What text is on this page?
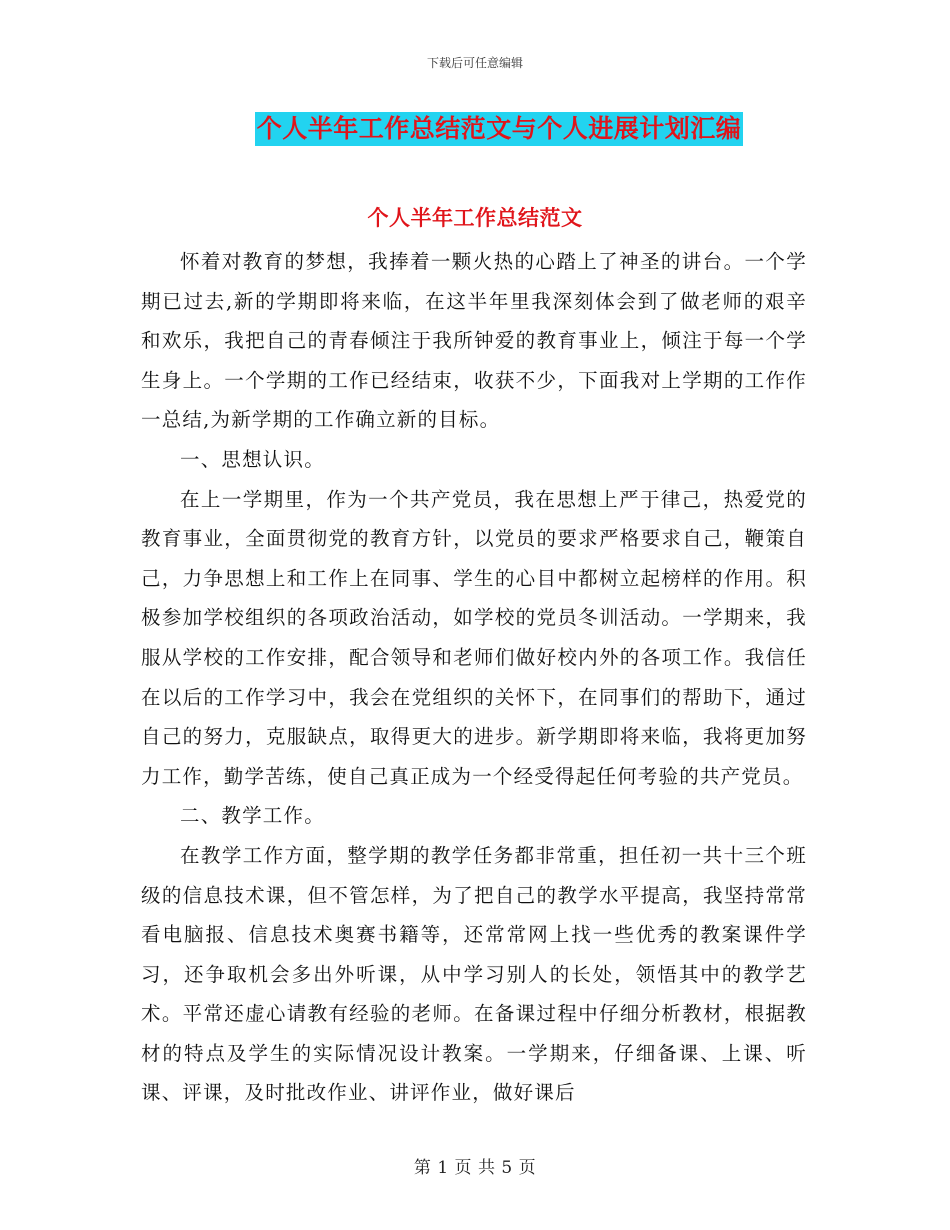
下载后可任意编辑
个人半年工作总结范文与个人进展计划汇编
个人半年工作总结范文

怀着对教育的梦想，我捧着一颗火热的心踏上了神圣的讲台。一个学期已过去,新的学期即将来临，在这半年里我深刻体会到了做老师的艰辛和欢乐，我把自己的青春倾注于我所钟爱的教育事业上，倾注于每一个学生身上。一个学期的工作已经结束，收获不少，下面我对上学期的工作作一总结,为新学期的工作确立新的目标。

一、思想认识。

在上一学期里，作为一个共产党员，我在思想上严于律己，热爱党的教育事业，全面贯彻党的教育方针，以党员的要求严格要求自己，鞭策自己，力争思想上和工作上在同事、学生的心目中都树立起榜样的作用。积极参加学校组织的各项政治活动，如学校的党员冬训活动。一学期来，我服从学校的工作安排，配合领导和老师们做好校内外的各项工作。我信任在以后的工作学习中，我会在党组织的关怀下，在同事们的帮助下，通过自己的努力，克服缺点，取得更大的进步。新学期即将来临，我将更加努力工作，勤学苦练，使自己真正成为一个经受得起任何考验的共产党员。

二、教学工作。

在教学工作方面，整学期的教学任务都非常重，担任初一共十三个班级的信息技术课，但不管怎样，为了把自己的教学水平提高，我坚持常常看电脑报、信息技术奥赛书籍等，还常常网上找一些优秀的教案课件学习，还争取机会多出外听课，从中学习别人的长处，领悟其中的教学艺术。平常还虚心请教有经验的老师。在备课过程中仔细分析教材，根据教材的特点及学生的实际情况设计教案。一学期来，仔细备课、上课、听课、评课，及时批改作业、讲评作业，做好课后

第 1 页 共 5 页
